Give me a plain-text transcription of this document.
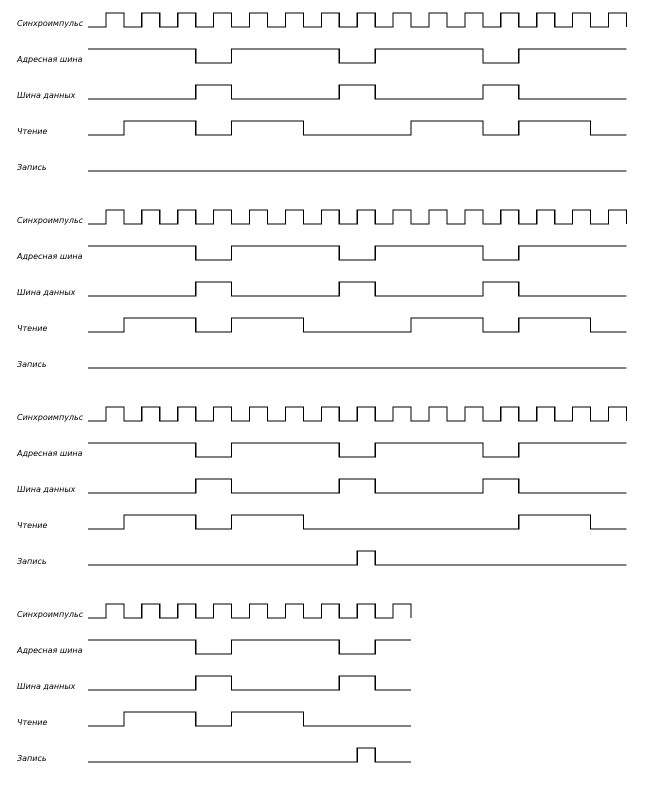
Синхроимпульс
Адресная шина
Шина данных
Чтение
Запись
Синхроимпульс
Адресная шина
Шина данных
Чтение
Запись
Синхроимпульс
Адресная шина
Шина данных
Чтение
Запись
Синхроимпульс
Адресная шина
Шина данных
Чтение
Запись
